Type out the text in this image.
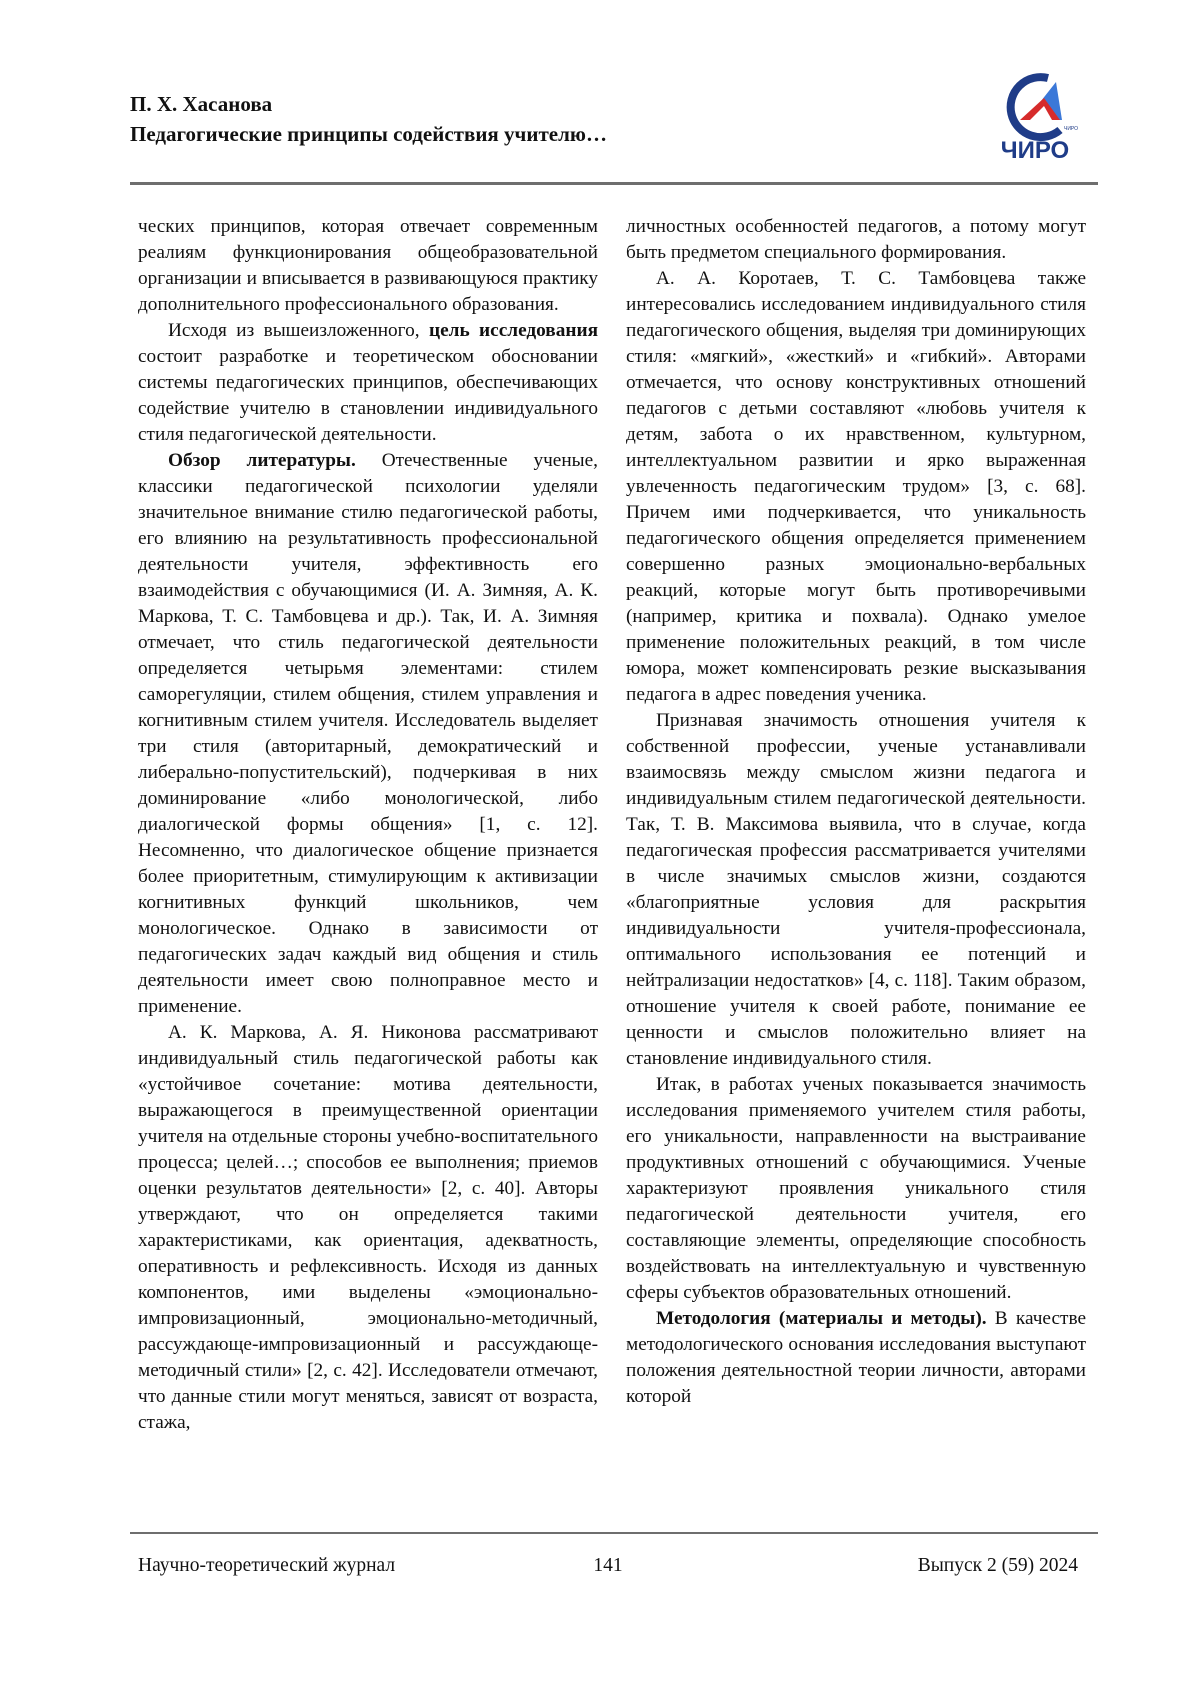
П. Х. Хасанова
Педагогические принципы содействия учителю…	ЧИРО
ЧИРО

ческих принципов, которая отвечает современным реалиям функционирования общеобразовательной организации и вписывается в развивающуюся практику дополнительного профессионального образования.

Исходя из вышеизложенного, цель исследования состоит разработке и теоретическом обосновании системы педагогических принципов, обеспечивающих содействие учителю в становлении индивидуального стиля педагогической деятельности.

Обзор литературы. Отечественные ученые, классики педагогической психологии уделяли значительное внимание стилю педагогической работы, его влиянию на результативность профессиональной деятельности учителя, эффективность его взаимодействия с обучающимися (И. А. Зимняя, А. К. Маркова, Т. С. Тамбовцева и др.). Так, И. А. Зимняя отмечает, что стиль педагогической деятельности определяется четырьмя элементами: стилем саморегуляции, стилем общения, стилем управления и когнитивным стилем учителя. Исследователь выделяет три стиля (авторитарный, демократический и либерально-попустительский), подчеркивая в них доминирование «либо монологической, либо диалогической формы общения» [1, с. 12]. Несомненно, что диалогическое общение признается более приоритетным, стимулирующим к активизации когнитивных функций школьников, чем монологическое. Однако в зависимости от педагогических задач каждый вид общения и стиль деятельности имеет свою полноправное место и применение.

А. К. Маркова, А. Я. Никонова рассматривают индивидуальный стиль педагогической работы как «устойчивое сочетание: мотива деятельности, выражающегося в преимущественной ориентации учителя на отдельные стороны учебно-воспитательного процесса; целей…; способов ее выполнения; приемов оценки результатов деятельности» [2, с. 40]. Авторы утверждают, что он определяется такими характеристиками, как ориентация, адекватность, оперативность и рефлексивность. Исходя из данных компонентов, ими выделены «эмоционально-импровизационный, эмоционально-методичный, рассуждающе-импровизационный и рассуждающе-методичный стили» [2, с. 42]. Исследователи отмечают, что данные стили могут меняться, зависят от возраста, стажа,

личностных особенностей педагогов, а потому могут быть предметом специального формирования.

А. А. Коротаев, Т. С. Тамбовцева также интересовались исследованием индивидуального стиля педагогического общения, выделяя три доминирующих стиля: «мягкий», «жесткий» и «гибкий». Авторами отмечается, что основу конструктивных отношений педагогов с детьми составляют «любовь учителя к детям, забота о их нравственном, культурном, интеллектуальном развитии и ярко выраженная увлеченность педагогическим трудом» [3, с. 68]. Причем ими подчеркивается, что уникальность педагогического общения определяется применением совершенно разных эмоционально-вербальных реакций, которые могут быть противоречивыми (например, критика и похвала). Однако умелое применение положительных реакций, в том числе юмора, может компенсировать резкие высказывания педагога в адрес поведения ученика.

Признавая значимость отношения учителя к собственной профессии, ученые устанавливали взаимосвязь между смыслом жизни педагога и индивидуальным стилем педагогической деятельности. Так, Т. В. Максимова выявила, что в случае, когда педагогическая профессия рассматривается учителями в числе значимых смыслов жизни, создаются «благоприятные условия для раскрытия индивидуальности учителя-профессионала, оптимального использования ее потенций и нейтрализации недостатков» [4, с. 118]. Таким образом, отношение учителя к своей работе, понимание ее ценности и смыслов положительно влияет на становление индивидуального стиля.

Итак, в работах ученых показывается значимость исследования применяемого учителем стиля работы, его уникальности, направленности на выстраивание продуктивных отношений с обучающимися. Ученые характеризуют проявления уникального стиля педагогической деятельности учителя, его составляющие элементы, определяющие способность воздействовать на интеллектуальную и чувственную сферы субъектов образовательных отношений.

Методология (материалы и методы). В качестве методологического основания исследования выступают положения деятельностной теории личности, авторами которой

Научно-теоретический журнал	141	Выпуск 2 (59) 2024
